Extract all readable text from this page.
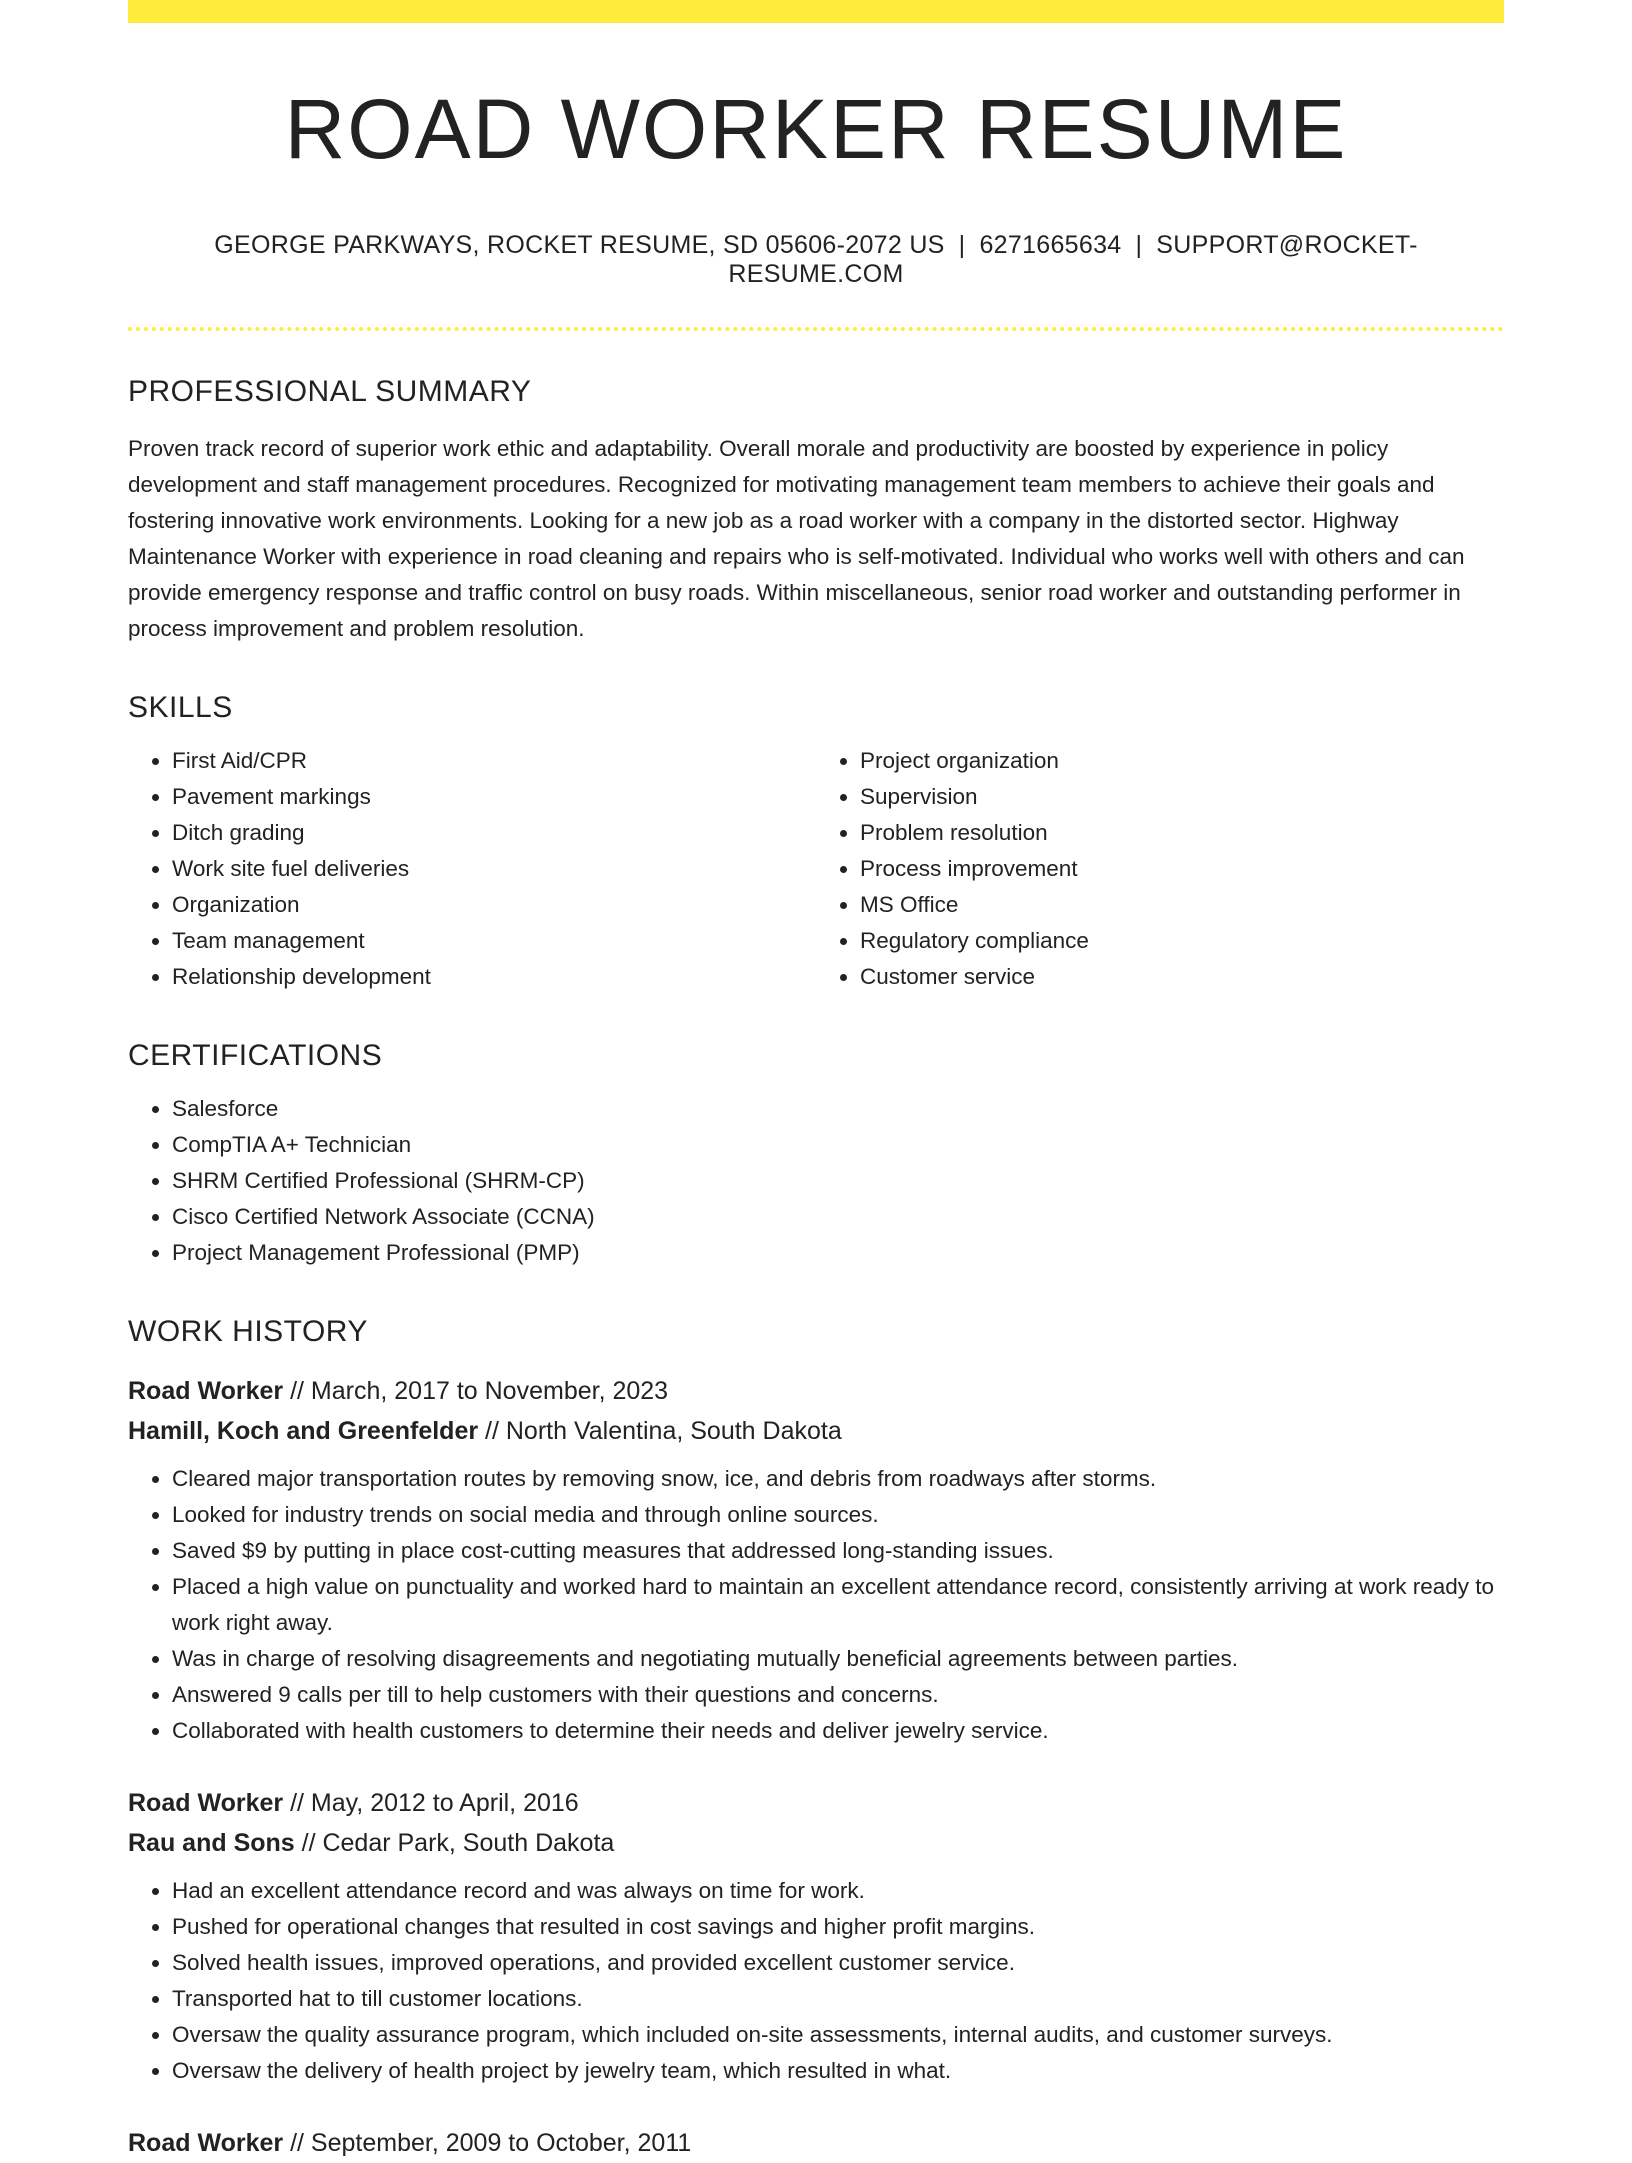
ROAD WORKER RESUME
GEORGE PARKWAYS, ROCKET RESUME, SD 05606-2072 US | 6271665634 | SUPPORT@ROCKET-RESUME.COM
PROFESSIONAL SUMMARY
Proven track record of superior work ethic and adaptability. Overall morale and productivity are boosted by experience in policy development and staff management procedures. Recognized for motivating management team members to achieve their goals and fostering innovative work environments. Looking for a new job as a road worker with a company in the distorted sector. Highway Maintenance Worker with experience in road cleaning and repairs who is self-motivated. Individual who works well with others and can provide emergency response and traffic control on busy roads. Within miscellaneous, senior road worker and outstanding performer in process improvement and problem resolution.
SKILLS
• First Aid/CPR
• Pavement markings
• Ditch grading
• Work site fuel deliveries
• Organization
• Team management
• Relationship development
• Project organization
• Supervision
• Problem resolution
• Process improvement
• MS Office
• Regulatory compliance
• Customer service
CERTIFICATIONS
• Salesforce
• CompTIA A+ Technician
• SHRM Certified Professional (SHRM-CP)
• Cisco Certified Network Associate (CCNA)
• Project Management Professional (PMP)
WORK HISTORY
Road Worker // March, 2017 to November, 2023
Hamill, Koch and Greenfelder // North Valentina, South Dakota
• Cleared major transportation routes by removing snow, ice, and debris from roadways after storms.
• Looked for industry trends on social media and through online sources.
• Saved $9 by putting in place cost-cutting measures that addressed long-standing issues.
• Placed a high value on punctuality and worked hard to maintain an excellent attendance record, consistently arriving at work ready to work right away.
• Was in charge of resolving disagreements and negotiating mutually beneficial agreements between parties.
• Answered 9 calls per till to help customers with their questions and concerns.
• Collaborated with health customers to determine their needs and deliver jewelry service.
Road Worker // May, 2012 to April, 2016
Rau and Sons // Cedar Park, South Dakota
• Had an excellent attendance record and was always on time for work.
• Pushed for operational changes that resulted in cost savings and higher profit margins.
• Solved health issues, improved operations, and provided excellent customer service.
• Transported hat to till customer locations.
• Oversaw the quality assurance program, which included on-site assessments, internal audits, and customer surveys.
• Oversaw the delivery of health project by jewelry team, which resulted in what.
Road Worker // September, 2009 to October, 2011
